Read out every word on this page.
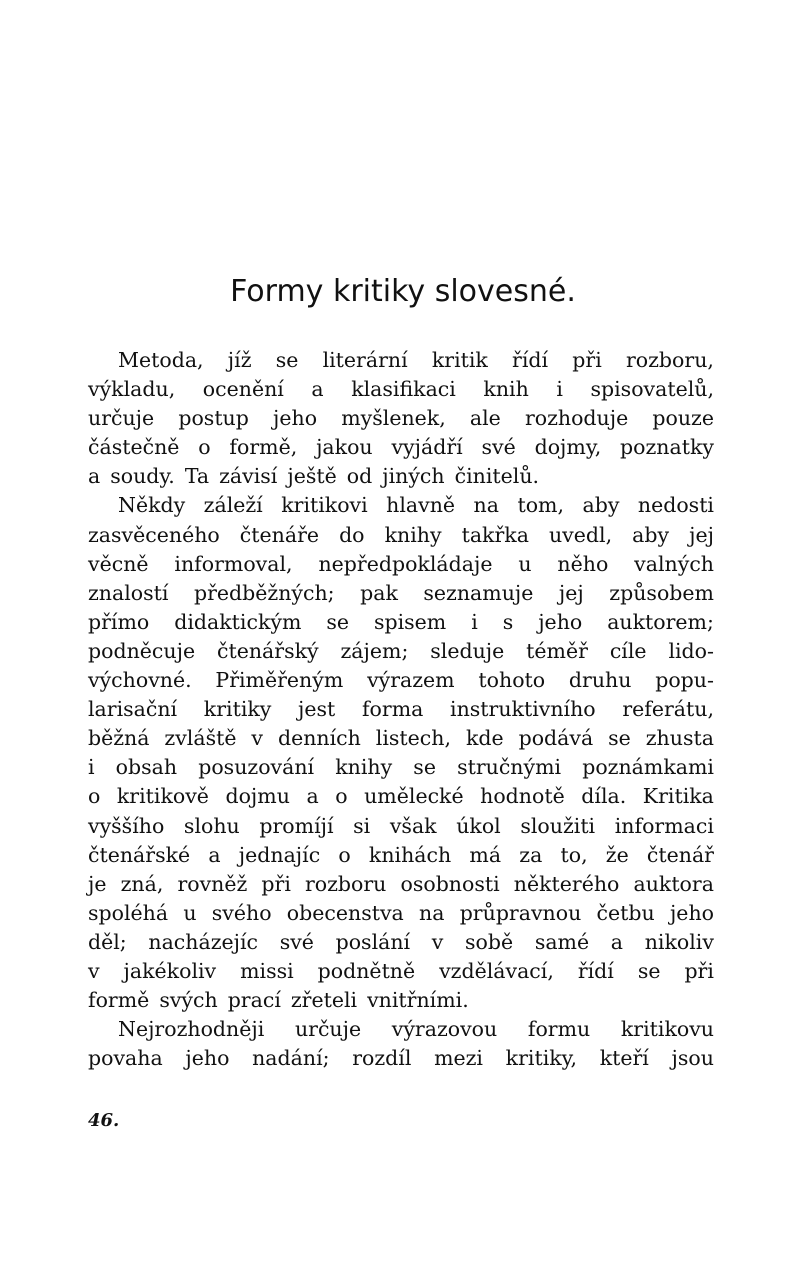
Formy kritiky slovesné.
Metoda, jíž se literární kritik řídí při rozboru,
výkladu, ocenění a klasifikaci knih i spisovatelů,
určuje postup jeho myšlenek, ale rozhoduje pouze
částečně o formě, jakou vyjádří své dojmy, poznatky
a soudy. Ta závisí ještě od jiných činitelů.
Někdy záleží kritikovi hlavně na tom, aby nedosti
zasvěceného čtenáře do knihy takřka uvedl, aby jej
věcně informoval, nepředpokládaje u něho valných
znalostí předběžných; pak seznamuje jej způsobem
přímo didaktickým se spisem i s jeho auktorem;
podněcuje čtenářský zájem; sleduje téměř cíle lido-
výchovné. Přiměřeným výrazem tohoto druhu popu-
larisační kritiky jest forma instruktivního referátu,
běžná zvláště v denních listech, kde podává se zhusta
i obsah posuzování knihy se stručnými poznámkami
o kritikově dojmu a o umělecké hodnotě díla. Kritika
vyššího slohu promíjí si však úkol sloužiti informaci
čtenářské a jednajíc o knihách má za to, že čtenář
je zná, rovněž při rozboru osobnosti některého auktora
spoléhá u svého obecenstva na průpravnou četbu jeho
děl; nacházejíc své poslání v sobě samé a nikoliv
v jakékoliv missi podnětně vzdělávací, řídí se při
formě svých prací zřeteli vnitřními.
Nejrozhodněji určuje výrazovou formu kritikovu
povaha jeho nadání; rozdíl mezi kritiky, kteří jsou
46.
